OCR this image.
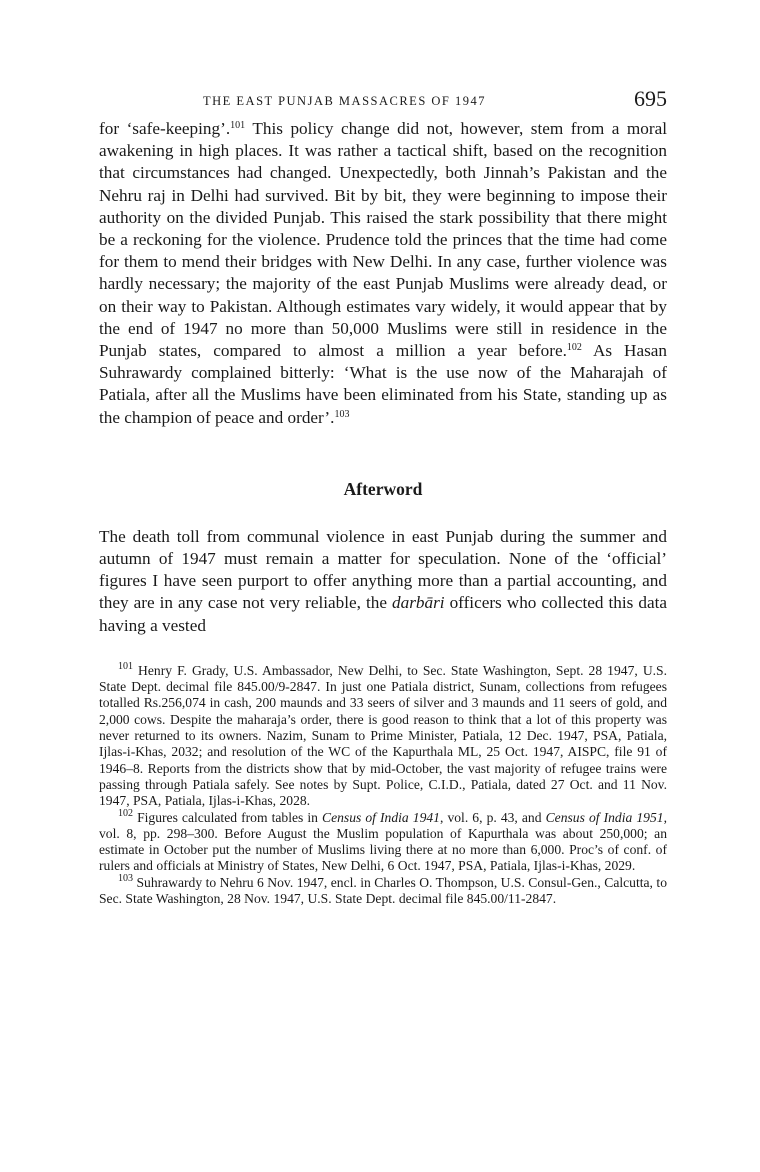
THE EAST PUNJAB MASSACRES OF 1947	695

for ‘safe-keeping’.$^{101}$ This policy change did not, however, stem from a moral awakening in high places. It was rather a tactical shift, based on the recognition that circumstances had changed. Unexpectedly, both Jinnah’s Pakistan and the Nehru raj in Delhi had survived. Bit by bit, they were beginning to impose their authority on the divided Punjab. This raised the stark possibility that there might be a reckoning for the violence. Prudence told the princes that the time had come for them to mend their bridges with New Delhi. In any case, further violence was hardly necessary; the majority of the east Punjab Muslims were already dead, or on their way to Pakistan. Although estimates vary widely, it would appear that by the end of 1947 no more than 50,000 Muslims were still in residence in the Punjab states, compared to almost a million a year before.$^{102}$ As Hasan Suhrawardy complained bitterly: ‘What is the use now of the Maharajah of Patiala, after all the Muslims have been eliminated from his State, standing up as the champion of peace and order’.$^{103}$

Afterword

The death toll from communal violence in east Punjab during the summer and autumn of 1947 must remain a matter for speculation. None of the ‘official’ figures I have seen purport to offer anything more than a partial accounting, and they are in any case not very reliable, the darbāri officers who collected this data having a vested

$^{101}$ Henry F. Grady, U.S. Ambassador, New Delhi, to Sec. State Washington, Sept. 28 1947, U.S. State Dept. decimal file 845.00/9-2847. In just one Patiala district, Sunam, collections from refugees totalled Rs.256,074 in cash, 200 maunds and 33 seers of silver and 3 maunds and 11 seers of gold, and 2,000 cows. Despite the maharaja’s order, there is good reason to think that a lot of this property was never returned to its owners. Nazim, Sunam to Prime Minister, Patiala, 12 Dec. 1947, PSA, Patiala, Ijlas-i-Khas, 2032; and resolution of the WC of the Kapurthala ML, 25 Oct. 1947, AISPC, file 91 of 1946–8. Reports from the districts show that by mid-October, the vast majority of refugee trains were passing through Patiala safely. See notes by Supt. Police, C.I.D., Patiala, dated 27 Oct. and 11 Nov. 1947, PSA, Patiala, Ijlas-i-Khas, 2028.

$^{102}$ Figures calculated from tables in Census of India 1941, vol. 6, p. 43, and Census of India 1951, vol. 8, pp. 298–300. Before August the Muslim population of Kapurthala was about 250,000; an estimate in October put the number of Muslims living there at no more than 6,000. Proc’s of conf. of rulers and officials at Ministry of States, New Delhi, 6 Oct. 1947, PSA, Patiala, Ijlas-i-Khas, 2029.

$^{103}$ Suhrawardy to Nehru 6 Nov. 1947, encl. in Charles O. Thompson, U.S. Consul-Gen., Calcutta, to Sec. State Washington, 28 Nov. 1947, U.S. State Dept. decimal file 845.00/11-2847.
